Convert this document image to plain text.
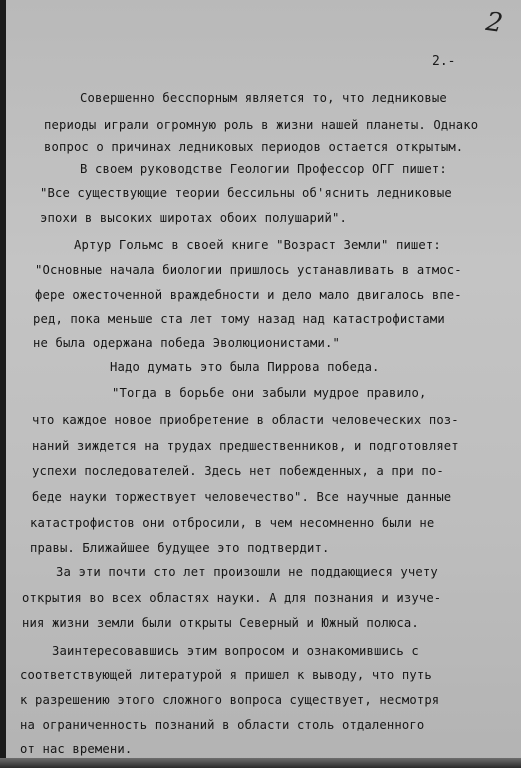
2
2.-
Совершенно бесспорным является то, что ледниковые
периоды играли огромную роль в жизни нашей планеты. Однако
вопрос о причинах ледниковых периодов остается открытым.
В своем руководстве Геологии Профессор ОГГ пишет:
"Все существующие теории бессильны об'яснить ледниковые
эпохи в высоких широтах обоих полушарий".
Артур Гольмс в своей книге "Возраст Земли" пишет:
"Основные начала биологии пришлось устанавливать в атмос-
фере ожесточенной враждебности и дело мало двигалось впе-
ред, пока меньше ста лет тому назад над катастрофистами
не была одержана победа Эволюционистами."
Надо думать это была Пиррова победа.
"Тогда в борьбе они забыли мудрое правило,
что каждое новое приобретение в области человеческих поз-
наний зиждется на трудах предшественников, и подготовляет
успехи последователей. Здесь нет побежденных, а при по-
беде науки торжествует человечество". Все научные данные
катастрофистов они отбросили, в чем несомненно были не
правы. Ближайшее будущее это подтвердит.
За эти почти сто лет произошли не поддающиеся учету
открытия во всех областях науки. А для познания и изуче-
ния жизни земли были открыты Северный и Южный полюса.
Заинтересовавшись этим вопросом и ознакомившись с
соответствующей литературой я пришел к выводу, что путь
к разрешению этого сложного вопроса существует, несмотря
на ограниченность познаний в области столь отдаленного
от нас времени.
